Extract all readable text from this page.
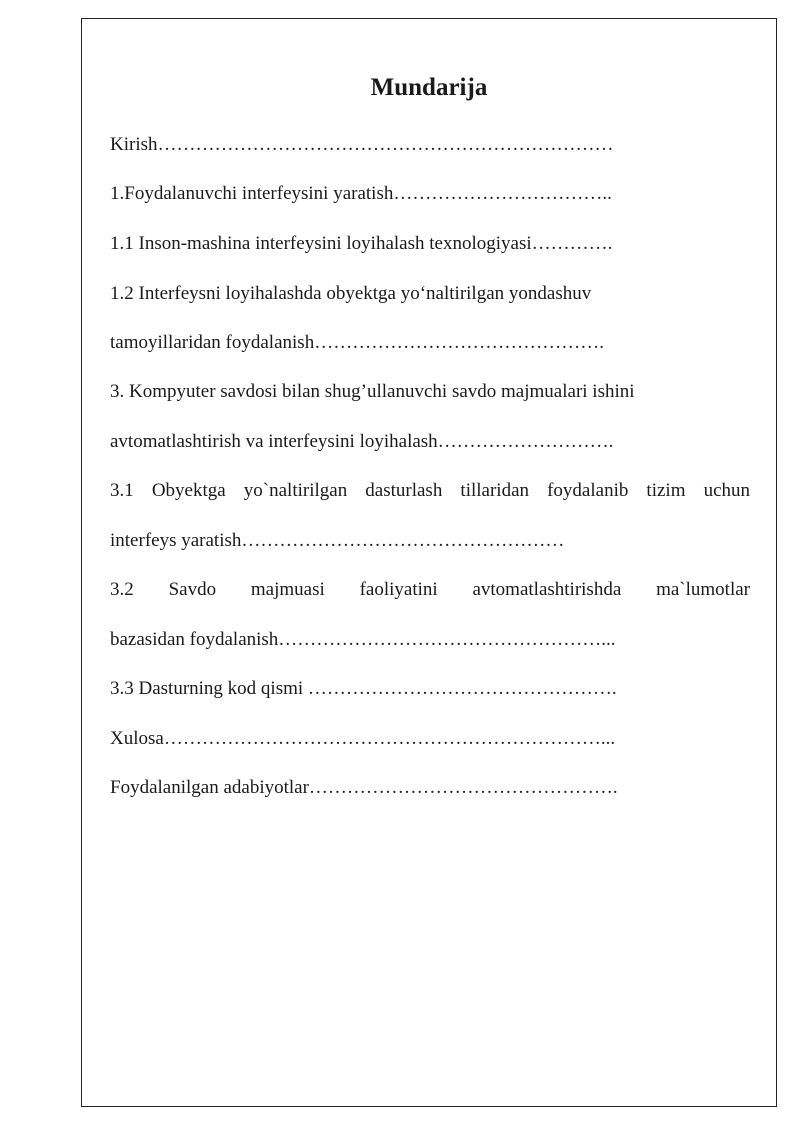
Mundarija
Kirish………………………………………………………………
1.Foydalanuvchi interfeysini yaratish……………………………..
1.1 Inson-mashina interfeysini loyihalash texnologiyasi………….
1.2 Interfeysni loyihalashda obyektga yo‘naltirilgan yondashuv
tamoyillaridan foydalanish……………………………………….
3. Kompyuter savdosi bilan shug’ullanuvchi savdo majmualari ishini
avtomatlashtirish va interfeysini loyihalash……………………….
3.1 Obyektga yo`naltirilgan dasturlash tillaridan foydalanib tizim uchun
interfeys yaratish……………………………………………
3.2 Savdo majmuasi faoliyatini avtomatlashtirishda ma`lumotlar
bazasidan foydalanish……………………………………………...
3.3 Dasturning kod qismi ………………………………………….
Xulosa……………………………………………………………...
Foydalanilgan adabiyotlar………………………………………….
